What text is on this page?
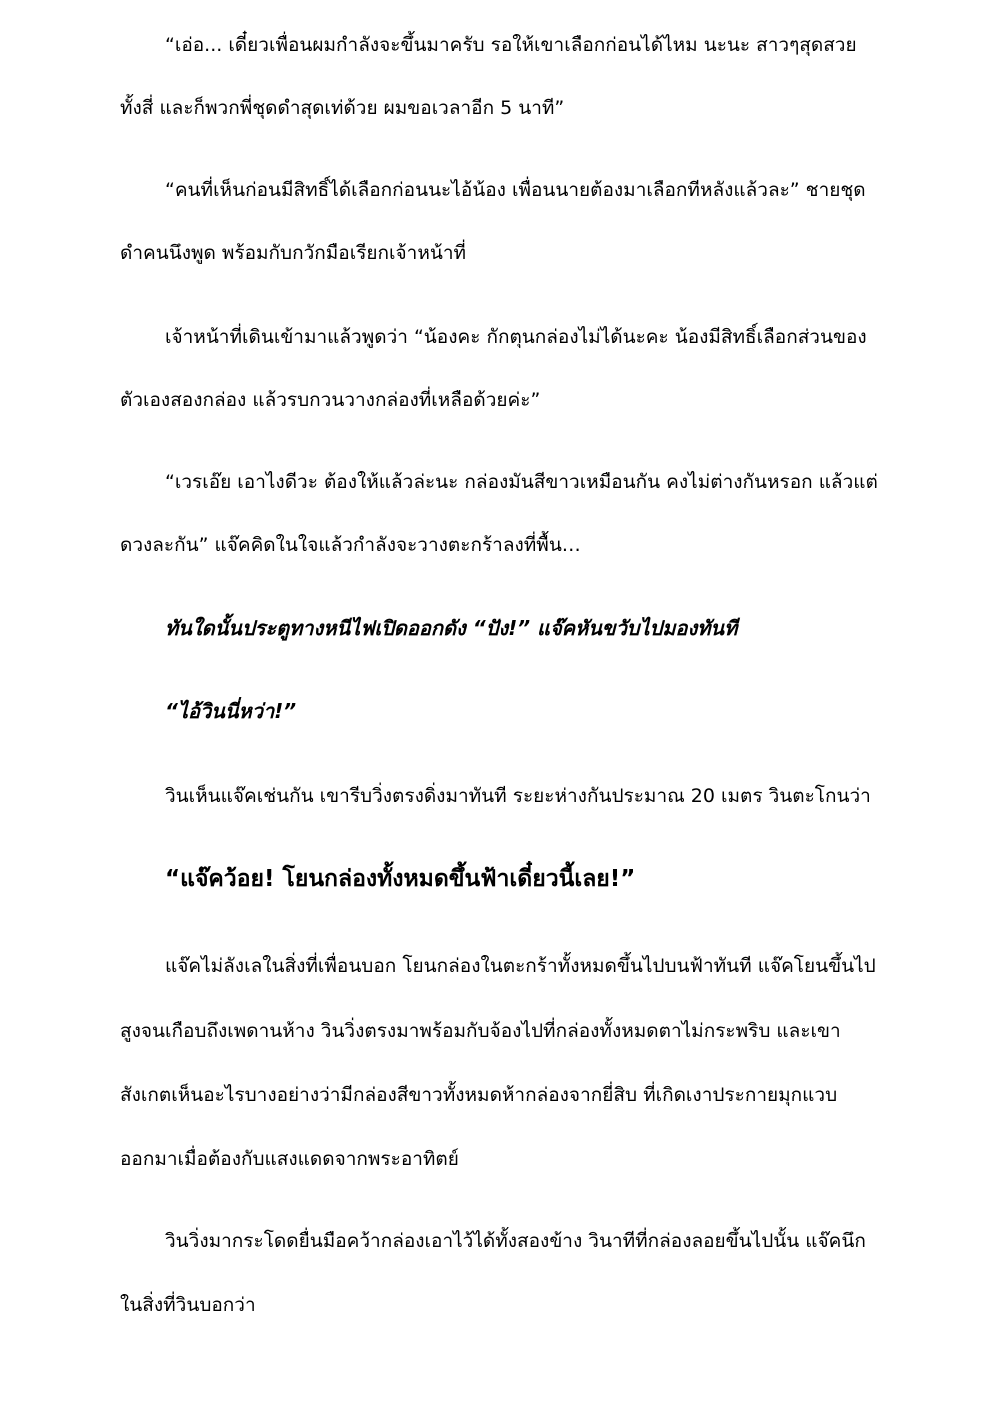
“เอ่อ... เดี๋ยวเพื่อนผมกำลังจะขึ้นมาครับ รอให้เขาเลือกก่อนได้ไหม นะนะ สาวๆสุดสวย
ทั้งสี่ และก็พวกพี่ชุดดำสุดเท่ด้วย ผมขอเวลาอีก 5 นาที”
“คนที่เห็นก่อนมีสิทธิ์ได้เลือกก่อนนะไอ้น้อง เพื่อนนายต้องมาเลือกทีหลังแล้วละ” ชายชุด
ดำคนนึงพูด พร้อมกับกวักมือเรียกเจ้าหน้าที่
เจ้าหน้าที่เดินเข้ามาแล้วพูดว่า “น้องคะ กักตุนกล่องไม่ได้นะคะ น้องมีสิทธิ์เลือกส่วนของ
ตัวเองสองกล่อง แล้วรบกวนวางกล่องที่เหลือด้วยค่ะ”
“เวรเอ๊ย เอาไงดีวะ ต้องให้แล้วล่ะนะ กล่องมันสีขาวเหมือนกัน คงไม่ต่างกันหรอก แล้วแต่
ดวงละกัน” แจ๊คคิดในใจแล้วกำลังจะวางตะกร้าลงที่พื้น…
ทันใดนั้นประตูทางหนีไฟเปิดออกดัง “ปัง!” แจ๊คหันขวับไปมองทันที
“ไอ้วินนี่หว่า!”
วินเห็นแจ๊คเช่นกัน เขารีบวิ่งตรงดิ่งมาทันที ระยะห่างกันประมาณ 20 เมตร วินตะโกนว่า
“แจ๊คว้อย! โยนกล่องทั้งหมดขึ้นฟ้าเดี๋ยวนี้เลย!”
แจ๊คไม่ลังเลในสิ่งที่เพื่อนบอก โยนกล่องในตะกร้าทั้งหมดขึ้นไปบนฟ้าทันที แจ๊คโยนขึ้นไป
สูงจนเกือบถึงเพดานห้าง วินวิ่งตรงมาพร้อมกับจ้องไปที่กล่องทั้งหมดตาไม่กระพริบ และเขา
สังเกตเห็นอะไรบางอย่างว่ามีกล่องสีขาวทั้งหมดห้ากล่องจากยี่สิบ ที่เกิดเงาประกายมุกแวบ
ออกมาเมื่อต้องกับแสงแดดจากพระอาทิตย์
วินวิ่งมากระโดดยื่นมือคว้ากล่องเอาไว้ได้ทั้งสองข้าง วินาทีที่กล่องลอยขึ้นไปนั้น แจ๊คนึก
ในสิ่งที่วินบอกว่า
